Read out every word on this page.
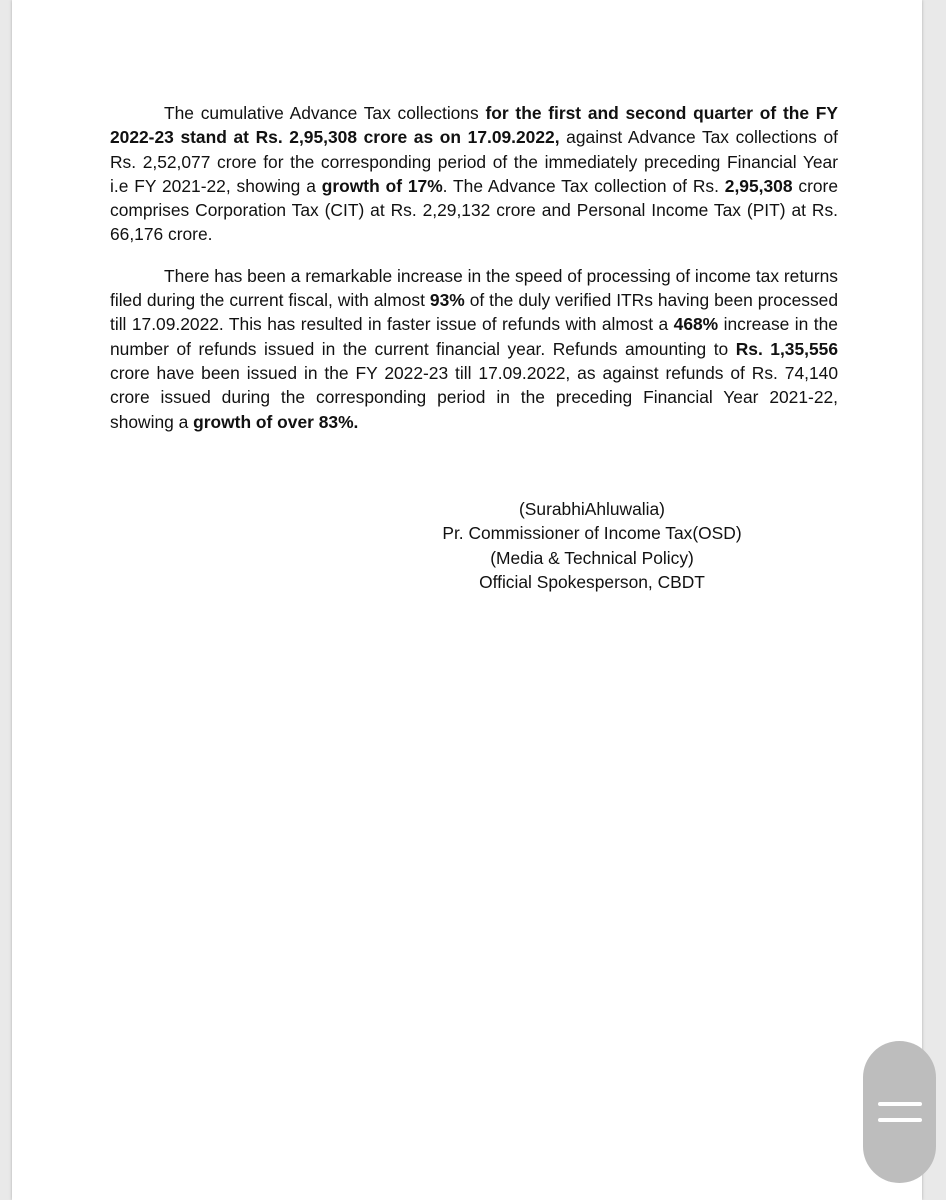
The cumulative Advance Tax collections for the first and second quarter of the FY 2022-23 stand at Rs. 2,95,308 crore as on 17.09.2022, against Advance Tax collections of Rs. 2,52,077 crore for the corresponding period of the immediately preceding Financial Year i.e FY 2021-22, showing a growth of 17%. The Advance Tax collection of Rs. 2,95,308 crore comprises Corporation Tax (CIT) at Rs. 2,29,132 crore and Personal Income Tax (PIT) at Rs. 66,176 crore.

There has been a remarkable increase in the speed of processing of income tax returns filed during the current fiscal, with almost 93% of the duly verified ITRs having been processed till 17.09.2022. This has resulted in faster issue of refunds with almost a 468% increase in the number of refunds issued in the current financial year. Refunds amounting to Rs. 1,35,556 crore have been issued in the FY 2022-23 till 17.09.2022, as against refunds of Rs. 74,140 crore issued during the corresponding period in the preceding Financial Year 2021-22, showing a growth of over 83%.

(SurabhiAhluwalia)
Pr. Commissioner of Income Tax(OSD)
(Media & Technical Policy)
Official Spokesperson, CBDT
